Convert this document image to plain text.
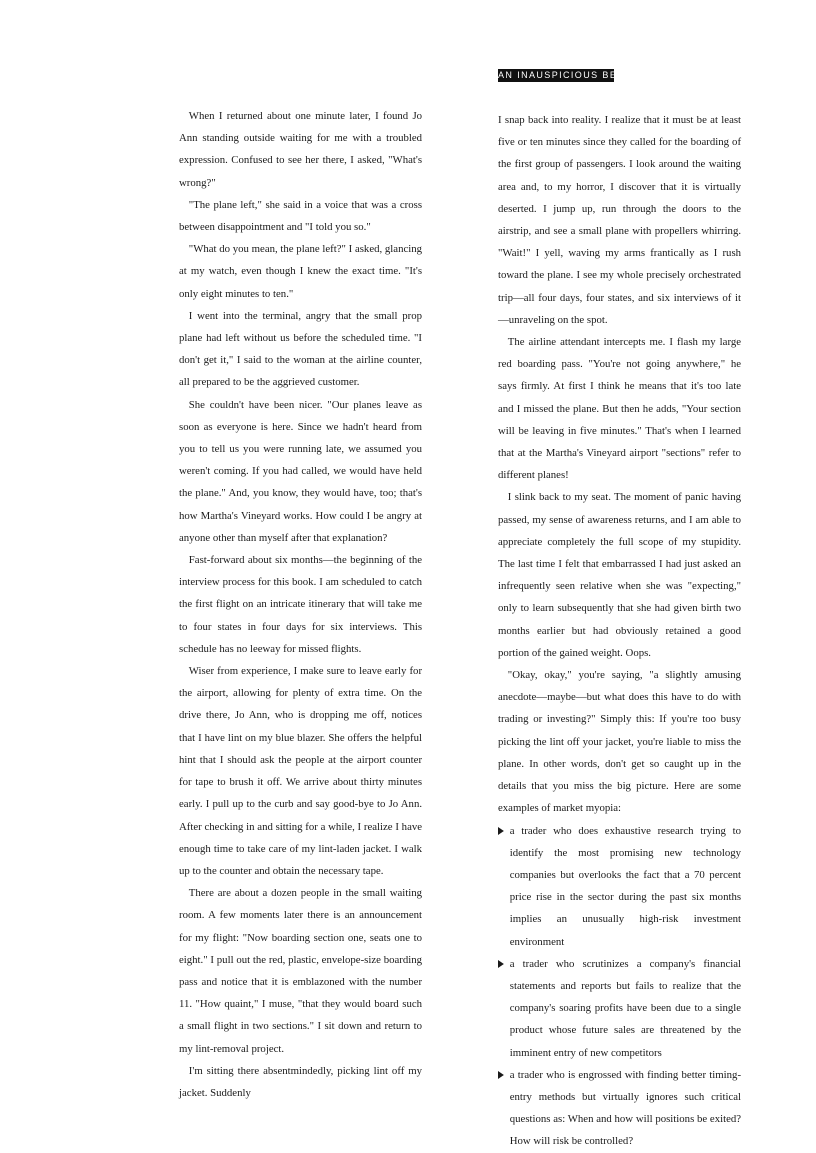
AN INAUSPICIOUS BEGINNING

When I returned about one minute later, I found Jo Ann standing outside waiting for me with a troubled expression. Confused to see her there, I asked, "What's wrong?"

"The plane left," she said in a voice that was a cross between disappointment and "I told you so."

"What do you mean, the plane left?" I asked, glancing at my watch, even though I knew the exact time. "It's only eight minutes to ten."

I went into the terminal, angry that the small prop plane had left without us before the scheduled time. "I don't get it," I said to the woman at the airline counter, all prepared to be the aggrieved customer.

She couldn't have been nicer. "Our planes leave as soon as everyone is here. Since we hadn't heard from you to tell us you were running late, we assumed you weren't coming. If you had called, we would have held the plane." And, you know, they would have, too; that's how Martha's Vineyard works. How could I be angry at anyone other than myself after that explanation?

Fast-forward about six months—the beginning of the interview process for this book. I am scheduled to catch the first flight on an intricate itinerary that will take me to four states in four days for six interviews. This schedule has no leeway for missed flights.

Wiser from experience, I make sure to leave early for the airport, allowing for plenty of extra time. On the drive there, Jo Ann, who is dropping me off, notices that I have lint on my blue blazer. She offers the helpful hint that I should ask the people at the airport counter for tape to brush it off. We arrive about thirty minutes early. I pull up to the curb and say good-bye to Jo Ann. After checking in and sitting for a while, I realize I have enough time to take care of my lint-laden jacket. I walk up to the counter and obtain the necessary tape.

There are about a dozen people in the small waiting room. A few moments later there is an announcement for my flight: "Now boarding section one, seats one to eight." I pull out the red, plastic, envelope-size boarding pass and notice that it is emblazoned with the number 11. "How quaint," I muse, "that they would board such a small flight in two sections." I sit down and return to my lint-removal project.

I'm sitting there absentmindedly, picking lint off my jacket. Suddenly

I snap back into reality. I realize that it must be at least five or ten minutes since they called for the boarding of the first group of passengers. I look around the waiting area and, to my horror, I discover that it is virtually deserted. I jump up, run through the doors to the airstrip, and see a small plane with propellers whirring. "Wait!" I yell, waving my arms frantically as I rush toward the plane. I see my whole precisely orchestrated trip—all four days, four states, and six interviews of it—unraveling on the spot.

The airline attendant intercepts me. I flash my large red boarding pass. "You're not going anywhere," he says firmly. At first I think he means that it's too late and I missed the plane. But then he adds, "Your section will be leaving in five minutes." That's when I learned that at the Martha's Vineyard airport "sections" refer to different planes!

I slink back to my seat. The moment of panic having passed, my sense of awareness returns, and I am able to appreciate completely the full scope of my stupidity. The last time I felt that embarrassed I had just asked an infrequently seen relative when she was "expecting," only to learn subsequently that she had given birth two months earlier but had obviously retained a good portion of the gained weight. Oops.

"Okay, okay," you're saying, "a slightly amusing anecdote—maybe—but what does this have to do with trading or investing?" Simply this: If you're too busy picking the lint off your jacket, you're liable to miss the plane. In other words, don't get so caught up in the details that you miss the big picture. Here are some examples of market myopia:

a trader who does exhaustive research trying to identify the most promising new technology companies but overlooks the fact that a 70 percent price rise in the sector during the past six months implies an unusually high-risk investment environment
a trader who scrutinizes a company's financial statements and reports but fails to realize that the company's soaring profits have been due to a single product whose future sales are threatened by the imminent entry of new competitors
a trader who is engrossed with finding better timing-entry methods but virtually ignores such critical questions as: When and how will positions be exited? How will risk be controlled?
